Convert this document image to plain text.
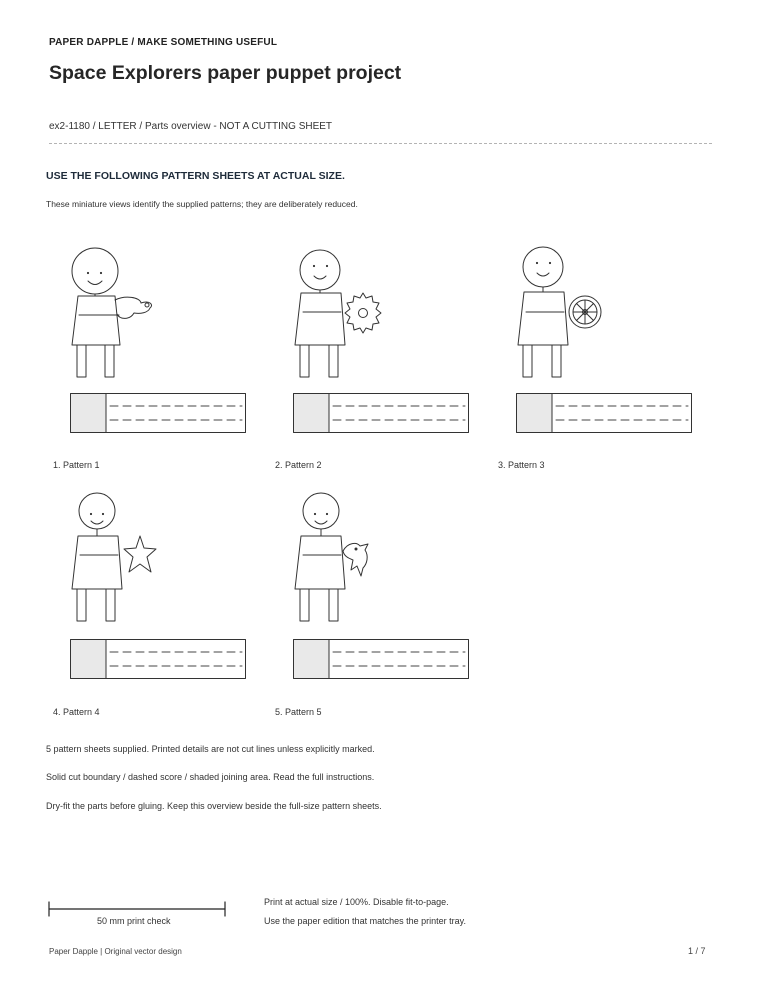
PAPER DAPPLE / MAKE SOMETHING USEFUL
Space Explorers paper puppet project
ex2-1180 / LETTER / Parts overview - NOT A CUTTING SHEET
USE THE FOLLOWING PATTERN SHEETS AT ACTUAL SIZE.
These miniature views identify the supplied patterns; they are deliberately reduced.
1. Pattern 1	2. Pattern 2	3. Pattern 3
4. Pattern 4	5. Pattern 5
5 pattern sheets supplied. Printed details are not cut lines unless explicitly marked.
Solid cut boundary / dashed score / shaded joining area. Read the full instructions.
Dry-fit the parts before gluing. Keep this overview beside the full-size pattern sheets.
50 mm print check
Print at actual size / 100%. Disable fit-to-page.
Use the paper edition that matches the printer tray.
Paper Dapple | Original vector design	1 / 7
